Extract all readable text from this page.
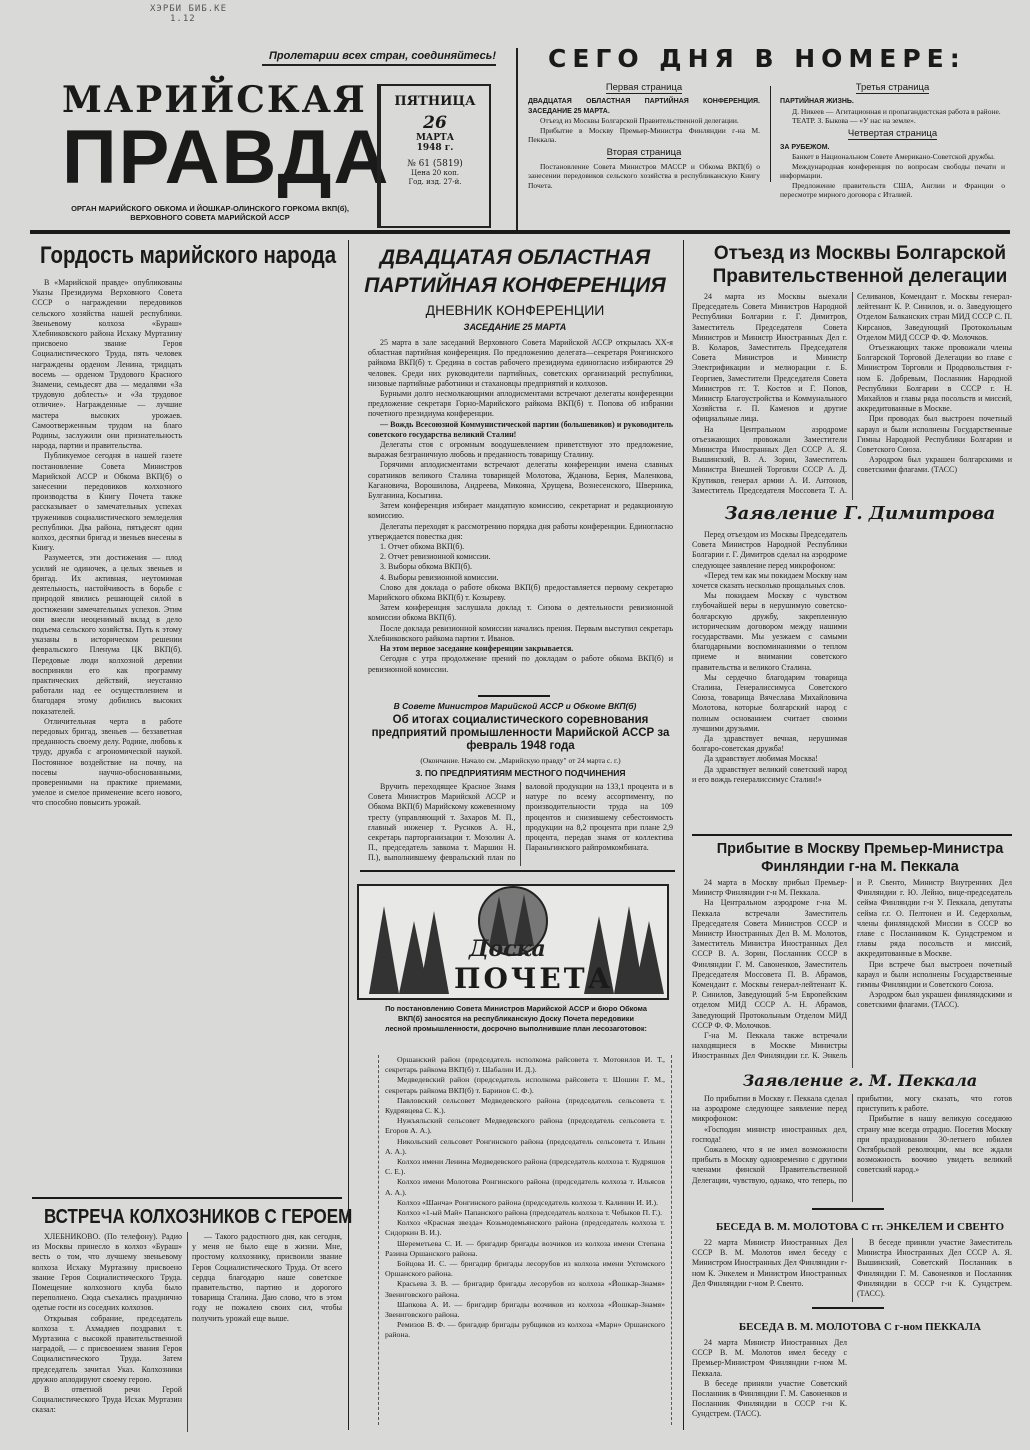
ХЭРБИ БИБ.КЕ
1.12
Пролетарии всех стран, соединяйтесь!
МАРИЙСКАЯ
ПРАВДА
ОРГАН МАРИЙСКОГО ОБКОМА И ЙОШКАР-ОЛИНСКОГО ГОРКОМА ВКП(б), ВЕРХОВНОГО СОВЕТА МАРИЙСКОЙ АССР
ПЯТНИЦА
26
МАРТА
1948 г.
№ 61 (5819)
Цена 20 коп.
Год. изд. 27-й.
СЕГО ДНЯ В НОМЕРЕ:
Первая страница
ДВАДЦАТАЯ ОБЛАСТНАЯ ПАРТИЙНАЯ КОНФЕРЕНЦИЯ. ЗАСЕДАНИЕ 25 МАРТА.
Отъезд из Москвы Болгарской Правительственной делегации.
Прибытие в Москву Премьер-Министра Финляндии г-на М. Пеккала.
Вторая страница
Постановление Совета Министров МАССР и Обкома ВКП(б) о занесении передовиков сельского хозяйства в республиканскую Книгу Почета.
Третья страница
ПАРТИЙНАЯ ЖИЗНЬ.
Д. Никеев — Агитационная и пропагандистская работа в районе.
ТЕАТР. З. Быкова — «У нас на земле».
Четвертая страница
ЗА РУБЕЖОМ.
Банкет в Национальном Совете Американо-Советской дружбы.
Международная конференция по вопросам свободы печати и информации.
Предложение правительств США, Англии и Франции о пересмотре мирного договора с Италией.
Гордость марийского народа

В «Марийской правде» опубликованы Указы Президиума Верховного Совета СССР о награждении передовиков сельского хозяйства нашей республики. Звеньевому колхоза «Бураш» Хлебниковского района Исхаку Муртазину присвоено звание Героя Социалистического Труда, пять человек награждены орденом Ленина, тридцать восемь — орденом Трудового Красного Знамени, семьдесят два — медалями «За трудовую доблесть» и «За трудовое отличие». Награжденные — лучшие мастера высоких урожаев. Самоотверженным трудом на благо Родины, заслужили они признательность народа, партии и правительства.

Публикуемое сегодня в нашей газете постановление Совета Министров Марийской АССР и Обкома ВКП(б) о занесении передовиков колхозного производства в Книгу Почета также рассказывает о замечательных успехах тружеников социалистического земледелия республики. Два района, пятьдесят один колхоз, десятки бригад и звеньев внесены в Книгу.

Разумеется, эти достижения — плод усилий не одиночек, а целых звеньев и бригад. Их активная, неутомимая деятельность, настойчивость в борьбе с природой явились решающей силой в достижении замечательных успехов. Этим они внесли неоценимый вклад в дело подъема сельского хозяйства. Путь к этому указаны в историческом решении февральского Пленума ЦК ВКП(б). Передовые люди колхозной деревни восприняли его как программу практических действий, неустанно работали над ее осуществлением и благодаря этому добились высоких показателей.

Отличительная черта в работе передовых бригад, звеньев — беззаветная преданность своему делу. Родине, любовь к труду, дружба с агрономической наукой. Постоянное воздействие на почву, на посевы научно-обоснованными, проверенными на практике приемами, умелое и смелое применение всего нового, что способно повысить урожай.

ВСТРЕЧА КОЛХОЗНИКОВ С ГЕРОЕМ

ХЛЕБНИКОВО. (По телефону). Радио из Москвы принесло в колхоз «Бураш» весть о том, что лучшему звеньевому колхоза Исхаку Муртазину присвоено звание Героя Социалистического Труда. Помещение колхозного клуба было переполнено. Сюда съехались празднично одетые гости из соседних колхозов.

Открывая собрание, председатель колхоза т. Ахмадиев поздравил т. Муртазина с высокой правительственной наградой, — с присвоением звания Героя Социалистического Труда. Затем председатель зачитал Указ. Колхозники дружно аплодируют своему герою.

В ответной речи Герой Социалистического Труда Исхак Муртазин сказал:

— Такого радостного дня, как сегодня, у меня не было еще в жизни. Мне, простому колхознику, присвоили звание Героя Социалистического Труда. От всего сердца благодарю наше советское правительство, партию и дорогого товарища Сталина. Даю слово, что в этом году не пожалею своих сил, чтобы получить урожай еще выше.

ДВАДЦАТАЯ ОБЛАСТНАЯ
ПАРТИЙНАЯ КОНФЕРЕНЦИЯ
ДНЕВНИК КОНФЕРЕНЦИИ
ЗАСЕДАНИЕ 25 МАРТА

25 марта в зале заседаний Верховного Совета Марийской АССР открылась XX-я областная партийная конференция. По предложению делегата—секретаря Ронгинского райкома ВКП(б) т. Средина в состав рабочего президиума единогласно избираются 29 человек. Среди них руководители партийных, советских организаций республики, низовые партийные работники и стахановцы предприятий и колхозов.

Бурными долго несмолкающими аплодисментами встречают делегаты конференции предложение секретаря Горно-Марийского райкома ВКП(б) т. Попова об избрании почетного президиума конференции.

— Вождь Всесоюзной Коммунистической партии (большевиков) и руководитель советского государства великий Сталин!

Делегаты стоя с огромным воодушевлением приветствуют это предложение, выражая безграничную любовь и преданность товарищу Сталину.

Горячими аплодисментами встречают делегаты конференции имена славных соратников великого Сталина товарищей Молотова, Жданова, Берия, Маленкова, Кагановича, Ворошилова, Андреева, Микояна, Хрущева, Вознесенского, Шверника, Булганина, Косыгина.

Затем конференция избирает мандатную комиссию, секретариат и редакционную комиссию.

Делегаты переходят к рассмотрению порядка дня работы конференции. Единогласно утверждается повестка дня:

1. Отчет обкома ВКП(б).

2. Отчет ревизионной комиссии.

3. Выборы обкома ВКП(б).

4. Выборы ревизионной комиссии.

Слово для доклада о работе обкома ВКП(б) предоставляется первому секретарю Марийского обкома ВКП(б) т. Козыреву.

Затем конференция заслушала доклад т. Сизова о деятельности ревизионной комиссии обкома ВКП(б).

После доклада ревизионной комиссии начались прения. Первым выступил секретарь Хлебниковского райкома партии т. Иванов.

На этом первое заседание конференции закрывается.

Сегодня с утра продолжение прений по докладам о работе обкома ВКП(б) и ревизионной комиссии.

В Совете Министров Марийской АССР и Обкоме ВКП(б)
Об итогах социалистического соревнования предприятий промышленности Марийской АССР за февраль 1948 года
(Окончание. Начало см. „Марийскую правду" от 24 марта с. г.)
3. ПО ПРЕДПРИЯТИЯМ МЕСТНОГО ПОДЧИНЕНИЯ

Вручить переходящее Красное Знамя Совета Министров Марийской АССР и Обкома ВКП(б) Марийскому кожевенному тресту (управляющий т. Захаров М. П., главный инженер т. Руснков А. Н., секретарь парторганизации т. Мозолин А. П., председатель завкома т. Маршин Н. П.), выполнившему февральский план по валовой продукции на 133,1 процента и в натуре по всему ассортименту, по производительности труда на 109 процентов и снизившему себестоимость продукции на 8,2 процента при плане 2,9 процента, передав знамя от коллектива Параньгинского райпромкомбината.

Доска
ПОЧЕТА
По постановлению Совета Министров Марийской АССР и бюро Обкома ВКП(б) заносятся на республиканскую Доску Почета передовики лесной промышленности, досрочно выполнившие план лесозаготовок:

Оршанский район (председатель исполкома райсовета т. Мотовилов И. Т., секретарь райкома ВКП(б) т. Шабалин И. Д.).

Медведевский район (председатель исполкома райсовета т. Шошин Г. М., секретарь райкома ВКП(б) т. Баринов С. Ф.).

Павловский сельсовет Медведевского района (председатель сельсовета т. Кудрявцева С. К.).

Нужъяльский сельсовет Медведевского района (председатель сельсовета т. Егоров А. А.).

Никольский сельсовет Ронгинского района (председатель сельсовета т. Ильин А. А.).

Колхоз имени Ленина Медведевского района (председатель колхоза т. Кудряшов С. Е.).

Колхоз имени Молотова Ронгинского района (председатель колхоза т. Ильясов А. А.).

Колхоз «Шанча» Ронгинского района (председатель колхоза т. Калинин И. И.).

Колхоз «1-ый Май» Папанского района (председатель колхоза т. Чебыков П. Г.).

Колхоз «Красная звезда» Козьмодемьянского района (председатель колхоза т. Сидоркин В. И.).

Шереметьева С. И. — бригадир бригады возчиков из колхоза имени Степана Разина Оршанского района.

Бойцова И. С. — бригадир бригады лесорубов из колхоза имени Ухтомского Оршанского района.

Красьева З. В. — бригадир бригады лесорубов из колхоза «Йошкар-Знамя» Звениговского района.

Шапкова А. И. — бригадир бригады возчиков из колхоза «Йошкар-Знамя» Звениговского района.

Ремизов В. Ф. — бригадир бригады рубщиков из колхоза «Марн» Оршанского района.

Отъезд из Москвы Болгарской
Правительственной делегации

24 марта из Москвы выехали Председатель Совета Министров Народной Республики Болгарии г. Г. Димитров, Заместитель Председателя Совета Министров и Министр Иностранных Дел г. В. Коларов, Заместитель Председателя Совета Министров и Министр Электрификации и мелиорации г. Б. Георгиев, Заместители Председателя Совета Министров гг. Т. Костов и Г. Попов, Министр Благоустройства и Коммунального Хозяйства г. П. Каменов и другие официальные лица.

На Центральном аэродроме отъезжающих провожали Заместители Министра Иностранных Дел СССР А. Я. Вышинский, В. А. Зорин, Заместитель Министра Внешней Торговли СССР А. Д. Крутиков, генерал армии А. И. Антонов, Заместитель Председателя Моссовета Т. А. Селиванов, Комендант г. Москвы генерал-лейтенант К. Р. Синилов, и. о. Заведующего Отделом Балканских стран МИД СССР С. П. Кирсанов, Заведующий Протокольным Отделом МИД СССР Ф. Ф. Молочков.

Отъезжающих также провожали члены Болгарской Торговой Делегации во главе с Министром Торговли и Продовольствия г-ном Б. Добревым, Посланник Народной Республики Болгарии в СССР г. Н. Михайлов и главы ряда посольств и миссий, аккредитованные в Москве.

При проводах был выстроен почетный караул и были исполнены Государственные Гимны Народной Республики Болгарии и Советского Союза.

Аэродром был украшен болгарскими и советскими флагами. (ТАСС)

Заявление Г. Димитрова

Перед отъездом из Москвы Председатель Совета Министров Народной Республики Болгарии г. Г. Димитров сделал на аэродроме следующее заявление перед микрофоном:

«Перед тем как мы покидаем Москву нам хочется сказать несколько прощальных слов.

Мы покидаем Москву с чувством глубочайшей веры в нерушимую советско-болгарскую дружбу, закрепленную историческим договором между нашими государствами. Мы уезжаем с самыми благодарными воспоминаниями о теплом приеме и внимании советского правительства и великого Сталина.

Мы сердечно благодарим товарища Сталина, Генералиссимуса Советского Союза, товарища Вячеслава Михайловича Молотова, которые болгарский народ с полным основанием считает своими лучшими друзьями.

Да здравствует вечная, нерушимая болгаро-советская дружба!

Да здравствует любимая Москва!

Да здравствует великий советский народ и его вождь генералиссимус Сталин!»

Прибытие в Москву Премьер-Министра
Финляндии г-на М. Пеккала

24 марта в Москву прибыл Премьер-Министр Финляндии г-н М. Пеккала.

На Центральном аэродроме г-на М. Пеккала встречали Заместитель Председателя Совета Министров СССР и Министр Иностранных Дел В. М. Молотов, Заместитель Министра Иностранных Дел СССР В. А. Зорин, Посланник СССР в Финляндии Г. М. Савоненков, Заместитель Председателя Моссовета П. В. Абрамов, Комендант г. Москвы генерал-лейтенант К. Р. Синилов, Заведующий 5-м Европейским отделом МИД СССР А. Н. Абрамов, Заведующий Протокольным Отделом МИД СССР Ф. Ф. Молочков.

Г-на М. Пеккала также встречали находящиеся в Москве Министры Иностранных Дел Финляндии г.г. К. Энкель и Р. Свенто, Министр Внутренних Дел Финляндии г. Ю. Лейно, вице-председатель сейма Финляндии г-н У. Пеккала, депутаты сейма г.г. О. Пелтонен и И. Седерхольм, члены финляндской Миссии в СССР во главе с Посланником К. Сундстремом и главы ряда посольств и миссий, аккредитованные в Москве.

При встрече был выстроен почетный караул и были исполнены Государственные гимны Финляндии и Советского Союза.

Аэродром был украшен финляндскими и советскими флагами. (ТАСС).

Заявление г. М. Пеккала

По прибытии в Москву г. Пеккала сделал на аэродроме следующее заявление перед микрофоном:

«Господин министр иностранных дел, господа!

Сожалею, что я не имел возможности прибыть в Москву одновременно с другими членами финской Правительственной Делегации, чувствую, однако, что теперь, по прибытии, могу сказать, что готов приступить к работе.

Прибытие в нашу великую соседнюю страну мне всегда отрадно. Посетив Москву при праздновании 30-летнего юбилея Октябрьской революции, мы все ждали возможность воочию увидеть великий советский народ.»

БЕСЕДА В. М. МОЛОТОВА С гг. ЭНКЕЛЕМ И СВЕНТО

22 марта Министр Иностранных Дел СССР В. М. Молотов имел беседу с Министром Иностранных Дел Финляндии г-ном К. Энкелем и Министром Иностранных Дел Финляндии г-ном Р. Свенто.

В беседе приняли участие Заместитель Министра Иностранных Дел СССР А. Я. Вышинский, Советский Посланник в Финляндии Г. М. Савоненков и Посланник Финляндии в СССР г-н К. Сундстрем. (ТАСС).

БЕСЕДА В. М. МОЛОТОВА С г-ном ПЕККАЛА

24 марта Министр Иностранных Дел СССР В. М. Молотов имел беседу с Премьер-Министром Финляндии г-ном М. Пеккала.

В беседе приняли участие Советский Посланник в Финляндии Г. М. Савоненков и Посланник Финляндии в СССР г-н К. Сундстрем. (ТАСС).
